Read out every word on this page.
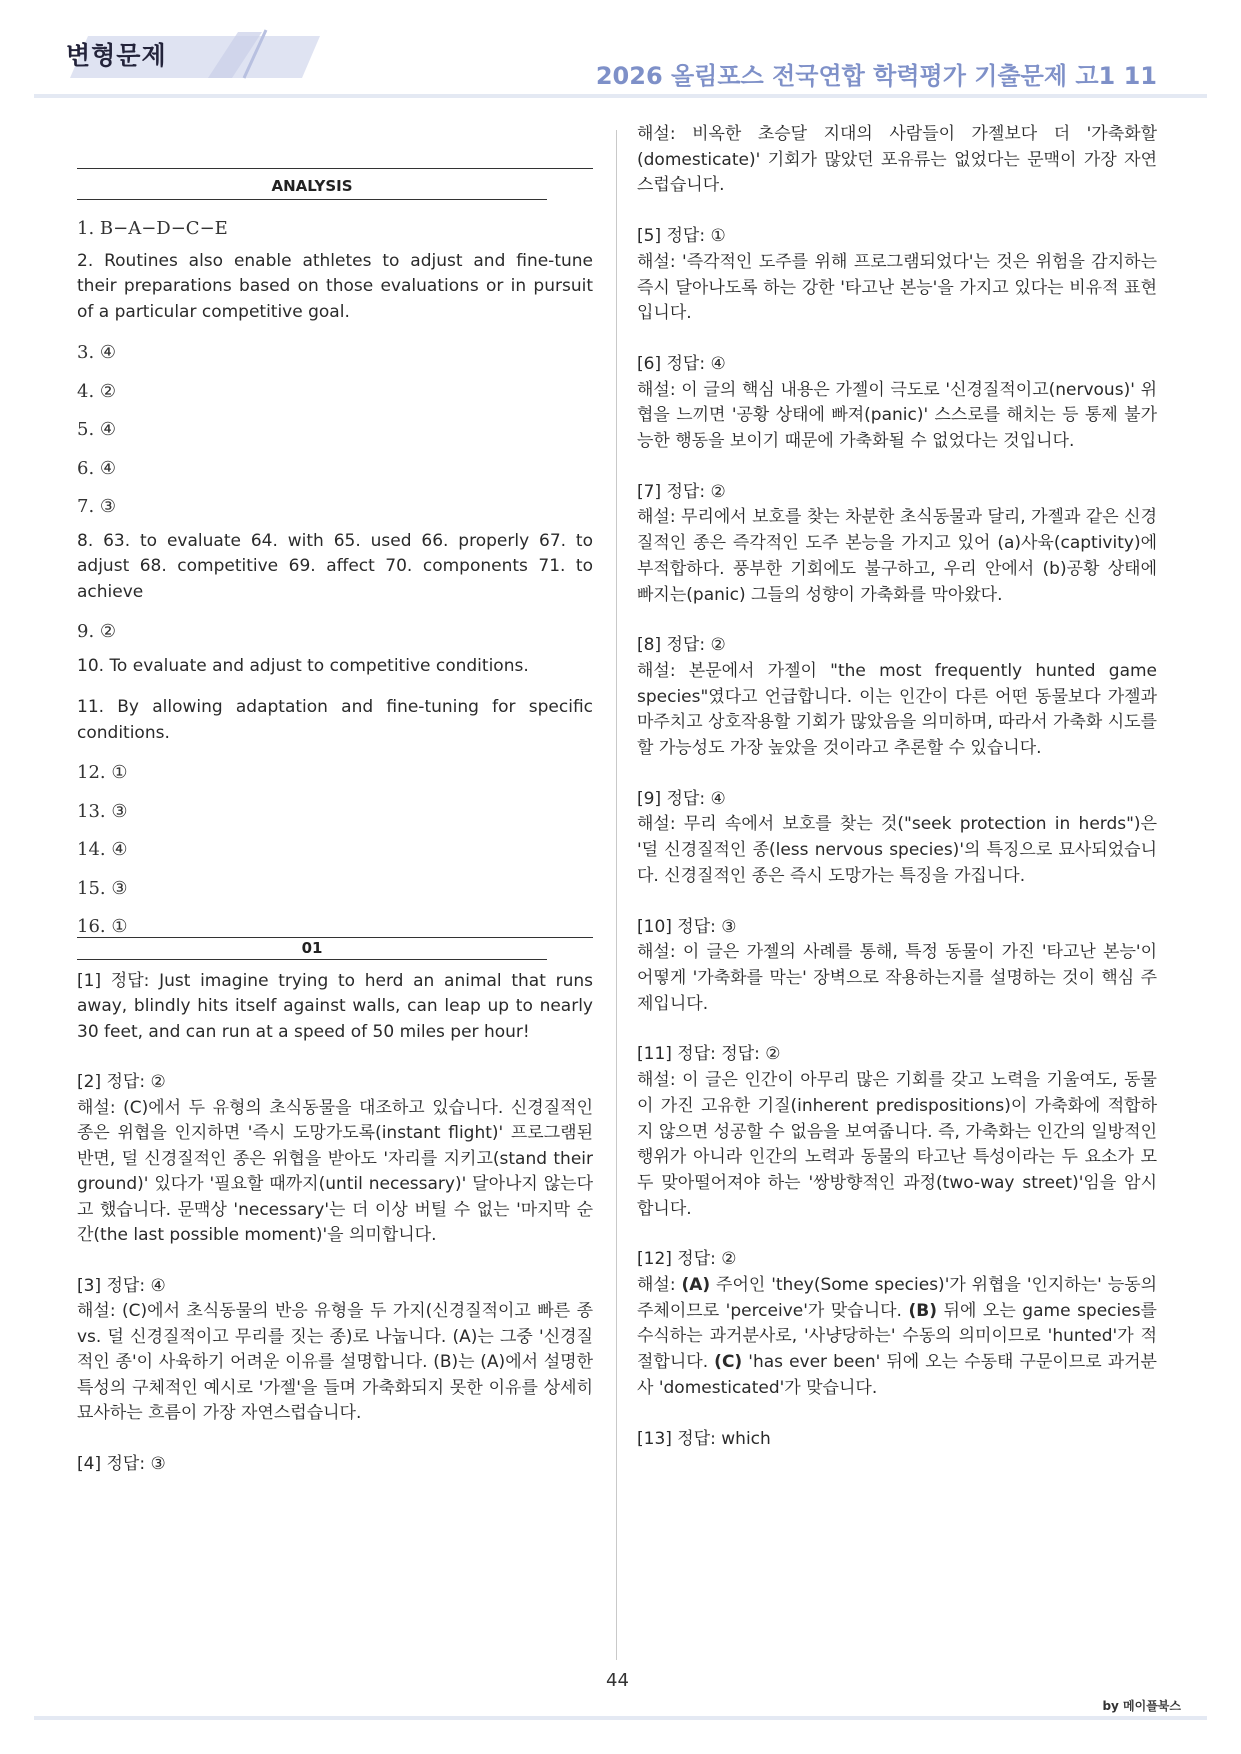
변형문제
2026 올림포스 전국연합 학력평가 기출문제 고1 11
ANALYSIS
1. B−A−D−C−E

2. Routines also enable athletes to adjust and fine-tune their preparations based on those evaluations or in pursuit of a particular competitive goal.

3. ④
4. ②
5. ④
6. ④
7. ③

8. 63. to evaluate 64. with 65. used 66. properly 67. to adjust 68. competitive 69. affect 70. components 71. to achieve

9. ②

10. To evaluate and adjust to competitive conditions.

11. By allowing adaptation and fine-tuning for specific conditions.

12. ①
13. ③
14. ④
15. ③
16. ①
01

[1] 정답: Just imagine trying to herd an animal that runs away, blindly hits itself against walls, can leap up to nearly 30 feet, and can run at a speed of 50 miles per hour!

[2] 정답: ②

해설: (C)에서 두 유형의 초식동물을 대조하고 있습니다. 신경질적인 종은 위협을 인지하면 '즉시 도망가도록(instant flight)' 프로그램된 반면, 덜 신경질적인 종은 위협을 받아도 '자리를 지키고(stand their ground)' 있다가 '필요할 때까지(until necessary)' 달아나지 않는다고 했습니다. 문맥상 'necessary'는 더 이상 버틸 수 없는 '마지막 순간(the last possible moment)'을 의미합니다.

[3] 정답: ④

해설: (C)에서 초식동물의 반응 유형을 두 가지(신경질적이고 빠른 종 vs. 덜 신경질적이고 무리를 짓는 종)로 나눕니다. (A)는 그중 '신경질적인 종'이 사육하기 어려운 이유를 설명합니다. (B)는 (A)에서 설명한 특성의 구체적인 예시로 '가젤'을 들며 가축화되지 못한 이유를 상세히 묘사하는 흐름이 가장 자연스럽습니다.

[4] 정답: ③

해설: 비옥한 초승달 지대의 사람들이 가젤보다 더 '가축화할(domesticate)' 기회가 많았던 포유류는 없었다는 문맥이 가장 자연스럽습니다.

[5] 정답: ①

해설: '즉각적인 도주를 위해 프로그램되었다'는 것은 위험을 감지하는 즉시 달아나도록 하는 강한 '타고난 본능'을 가지고 있다는 비유적 표현입니다.

[6] 정답: ④

해설: 이 글의 핵심 내용은 가젤이 극도로 '신경질적이고(nervous)' 위협을 느끼면 '공황 상태에 빠져(panic)' 스스로를 해치는 등 통제 불가능한 행동을 보이기 때문에 가축화될 수 없었다는 것입니다.

[7] 정답: ②

해설: 무리에서 보호를 찾는 차분한 초식동물과 달리, 가젤과 같은 신경질적인 종은 즉각적인 도주 본능을 가지고 있어 (a)사육(captivity)에 부적합하다. 풍부한 기회에도 불구하고, 우리 안에서 (b)공황 상태에 빠지는(panic) 그들의 성향이 가축화를 막아왔다.

[8] 정답: ②

해설: 본문에서 가젤이 "the most frequently hunted game species"였다고 언급합니다. 이는 인간이 다른 어떤 동물보다 가젤과 마주치고 상호작용할 기회가 많았음을 의미하며, 따라서 가축화 시도를 할 가능성도 가장 높았을 것이라고 추론할 수 있습니다.

[9] 정답: ④

해설: 무리 속에서 보호를 찾는 것("seek protection in herds")은 '덜 신경질적인 종(less nervous species)'의 특징으로 묘사되었습니다. 신경질적인 종은 즉시 도망가는 특징을 가집니다.

[10] 정답: ③

해설: 이 글은 가젤의 사례를 통해, 특정 동물이 가진 '타고난 본능'이 어떻게 '가축화를 막는' 장벽으로 작용하는지를 설명하는 것이 핵심 주제입니다.

[11] 정답: 정답: ②

해설: 이 글은 인간이 아무리 많은 기회를 갖고 노력을 기울여도, 동물이 가진 고유한 기질(inherent predispositions)이 가축화에 적합하지 않으면 성공할 수 없음을 보여줍니다. 즉, 가축화는 인간의 일방적인 행위가 아니라 인간의 노력과 동물의 타고난 특성이라는 두 요소가 모두 맞아떨어져야 하는 '쌍방향적인 과정(two-way street)'임을 암시합니다.

[12] 정답: ②

해설: (A) 주어인 'they(Some species)'가 위협을 '인지하는' 능동의 주체이므로 'perceive'가 맞습니다. (B) 뒤에 오는 game species를 수식하는 과거분사로, '사냥당하는' 수동의 의미이므로 'hunted'가 적절합니다. (C) 'has ever been' 뒤에 오는 수동태 구문이므로 과거분사 'domesticated'가 맞습니다.

[13] 정답: which

44
by 메이플북스
